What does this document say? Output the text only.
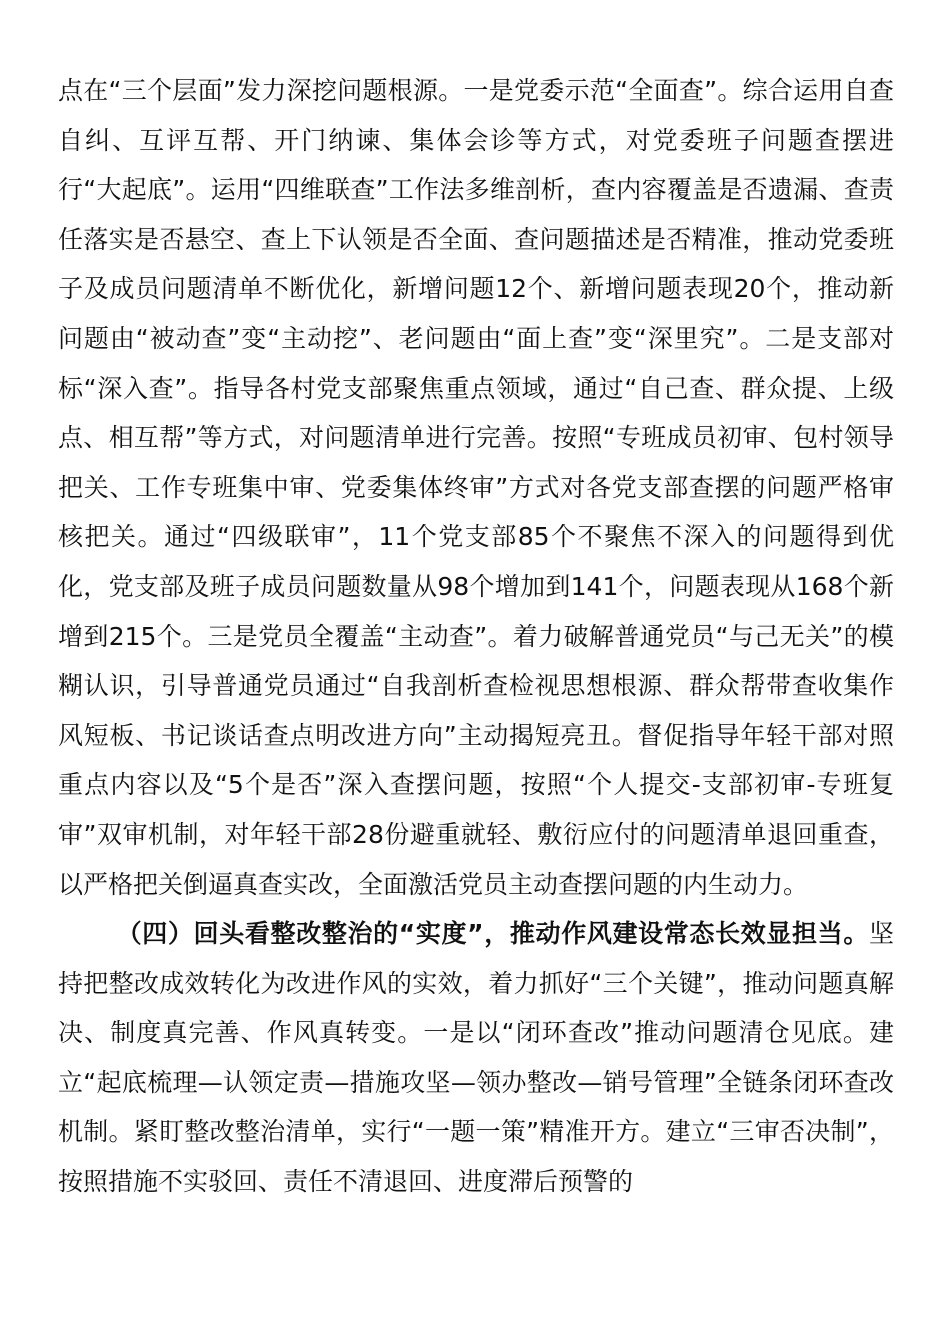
点在“三个层面”发力深挖问题根源。一是党委示范“全面查”。综合运用自查自纠、互评互帮、开门纳谏、集体会诊等方式，对党委班子问题查摆进行“大起底”。运用“四维联查”工作法多维剖析，查内容覆盖是否遗漏、查责任落实是否悬空、查上下认领是否全面、查问题描述是否精准，推动党委班子及成员问题清单不断优化，新增问题12个、新增问题表现20个，推动新问题由“被动查”变“主动挖”、老问题由“面上查”变“深里究”。二是支部对标“深入查”。指导各村党支部聚焦重点领域，通过“自己查、群众提、上级点、相互帮”等方式，对问题清单进行完善。按照“专班成员初审、包村领导把关、工作专班集中审、党委集体终审”方式对各党支部查摆的问题严格审核把关。通过“四级联审”，11个党支部85个不聚焦不深入的问题得到优化，党支部及班子成员问题数量从98个增加到141个，问题表现从168个新增到215个。三是党员全覆盖“主动查”。着力破解普通党员“与己无关”的模糊认识，引导普通党员通过“自我剖析查检视思想根源、群众帮带查收集作风短板、书记谈话查点明改进方向”主动揭短亮丑。督促指导年轻干部对照重点内容以及“5个是否”深入查摆问题，按照“个人提交-支部初审-专班复审”双审机制，对年轻干部28份避重就轻、敷衍应付的问题清单退回重查，以严格把关倒逼真查实改，全面激活党员主动查摆问题的内生动力。

（四）回头看整改整治的“实度”，推动作风建设常态长效显担当。坚持把整改成效转化为改进作风的实效，着力抓好“三个关键”，推动问题真解决、制度真完善、作风真转变。一是以“闭环查改”推动问题清仓见底。建立“起底梳理—认领定责—措施攻坚—领办整改—销号管理”全链条闭环查改机制。紧盯整改整治清单，实行“一题一策”精准开方。建立“三审否决制”，按照措施不实驳回、责任不清退回、进度滞后预警的
